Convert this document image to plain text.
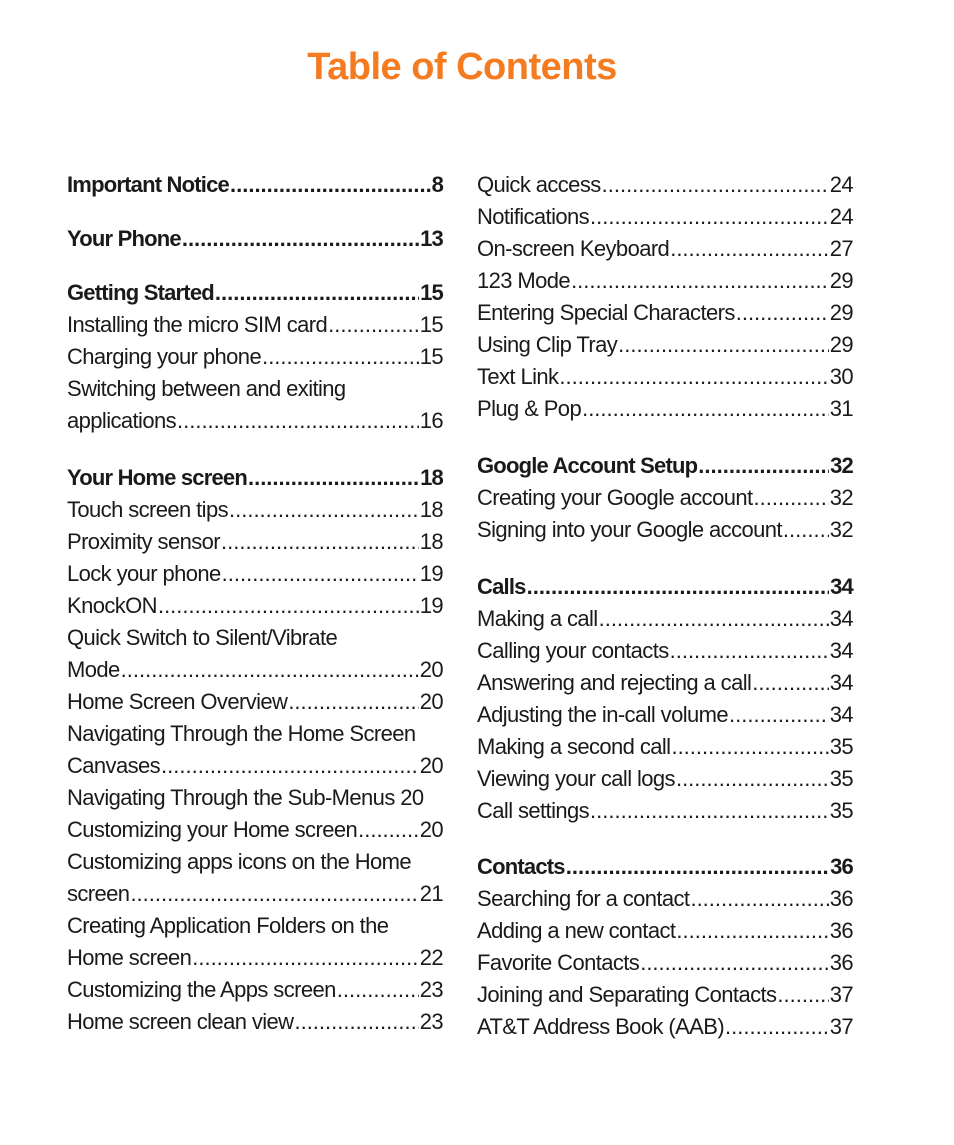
Table of Contents
Important Notice .....	8
Your Phone .....	13
Getting Started .....	15
Installing the micro SIM card .....	15
Charging your phone .....	15
Switching between and exiting
applications .....	16
Your Home screen .....	18
Touch screen tips .....	18
Proximity sensor .....	18
Lock your phone .....	19
KnockON .....	19
Quick Switch to Silent/Vibrate
Mode .....	20
Home Screen Overview .....	20
Navigating Through the Home Screen
Canvases .....	20
Navigating Through the Sub-Menus 20
Customizing your Home screen .....	20
Customizing apps icons on the Home
screen .....	21
Creating Application Folders on the
Home screen .....	22
Customizing the Apps screen .....	23
Home screen clean view .....	23
Quick access .....	24
Notifications .....	24
On-screen Keyboard .....	27
123 Mode .....	29
Entering Special Characters .....	29
Using Clip Tray .....	29
Text Link .....	30
Plug & Pop .....	31
Google Account Setup .....	32
Creating your Google account .....	32
Signing into your Google account ..... 32
Calls .....	34
Making a call .....	34
Calling your contacts .....	34
Answering and rejecting a call .....	34
Adjusting the in-call volume .....	34
Making a second call .....	35
Viewing your call logs .....	35
Call settings .....	35
Contacts .....	36
Searching for a contact .....	36
Adding a new contact .....	36
Favorite Contacts .....	36
Joining and Separating Contacts ..... 37
AT&T Address Book (AAB) .....	37
